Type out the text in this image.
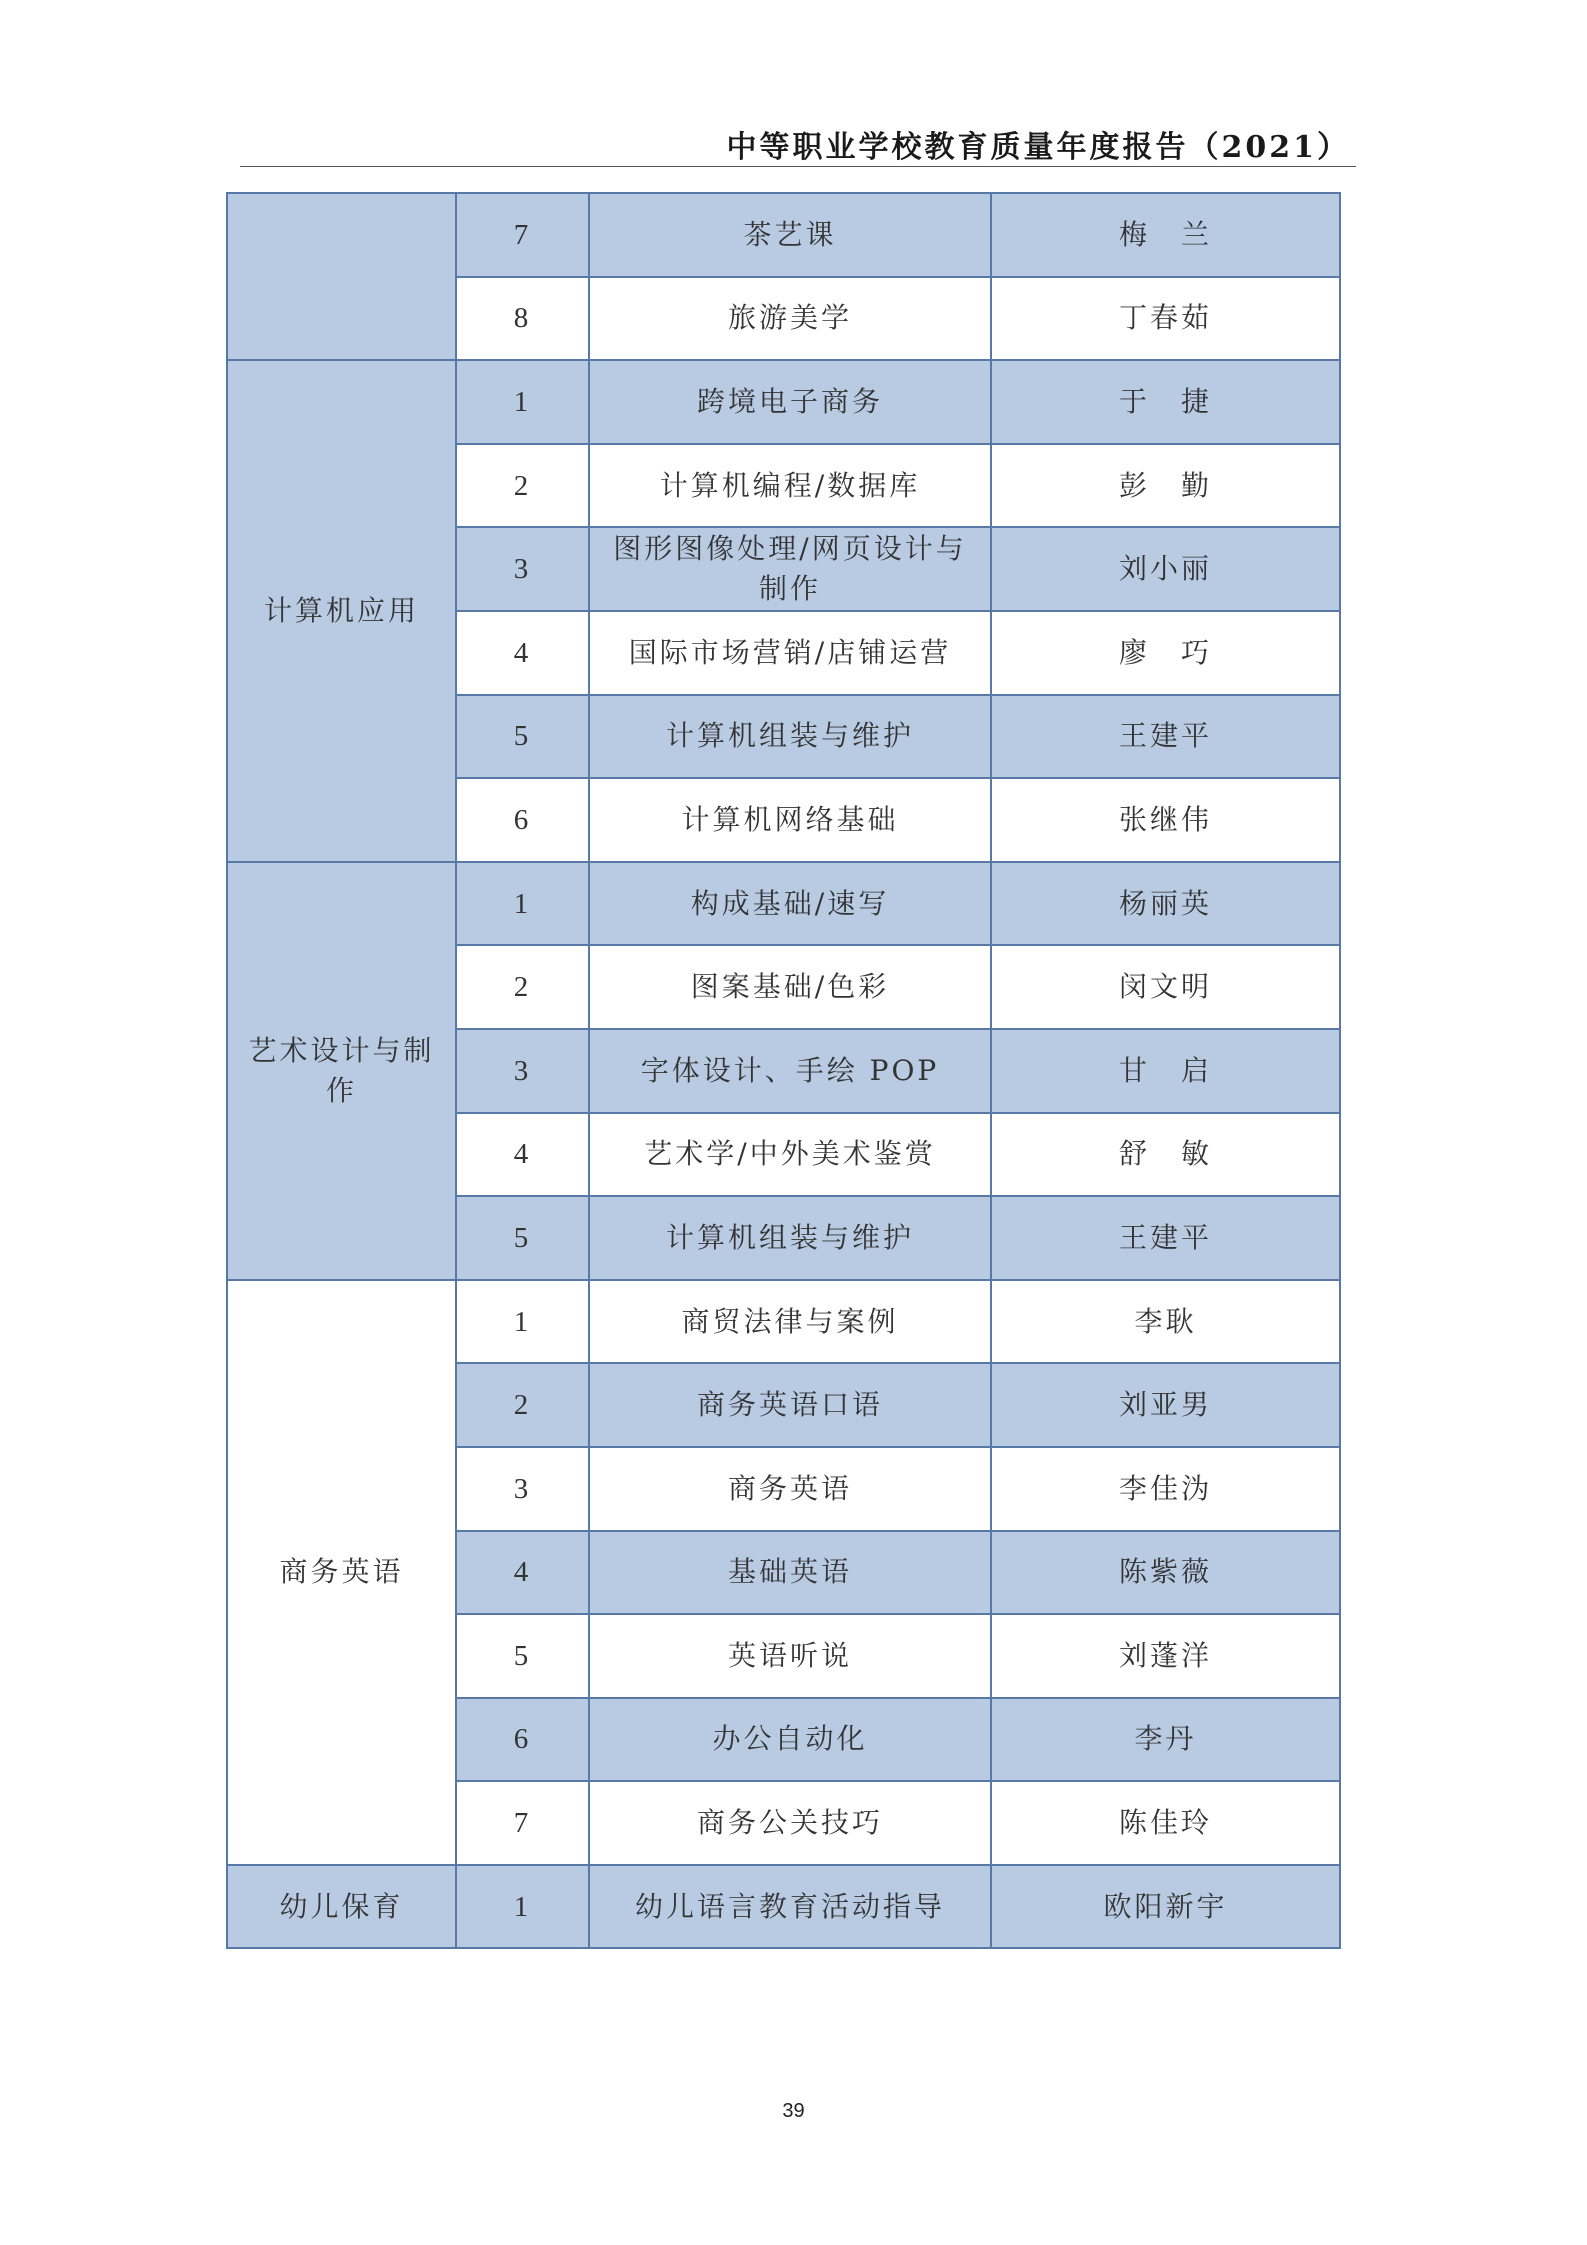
中等职业学校教育质量年度报告（2021）
	7	茶艺课	梅　兰
	8	旅游美学	丁春茹
计算机应用	1	跨境电子商务	于　捷
	2	计算机编程/数据库	彭　勤
	3	图形图像处理/网页设计与制作	刘小丽
	4	国际市场营销/店铺运营	廖　巧
	5	计算机组装与维护	王建平
	6	计算机网络基础	张继伟
艺术设计与制作	1	构成基础/速写	杨丽英
	2	图案基础/色彩	闵文明
	3	字体设计、手绘 POP	甘　启
	4	艺术学/中外美术鉴赏	舒　敏
	5	计算机组装与维护	王建平
商务英语	1	商贸法律与案例	李耿
	2	商务英语口语	刘亚男
	3	商务英语	李佳沩
	4	基础英语	陈紫薇
	5	英语听说	刘蓬洋
	6	办公自动化	李丹
	7	商务公关技巧	陈佳玲
幼儿保育	1	幼儿语言教育活动指导	欧阳新宇
39
